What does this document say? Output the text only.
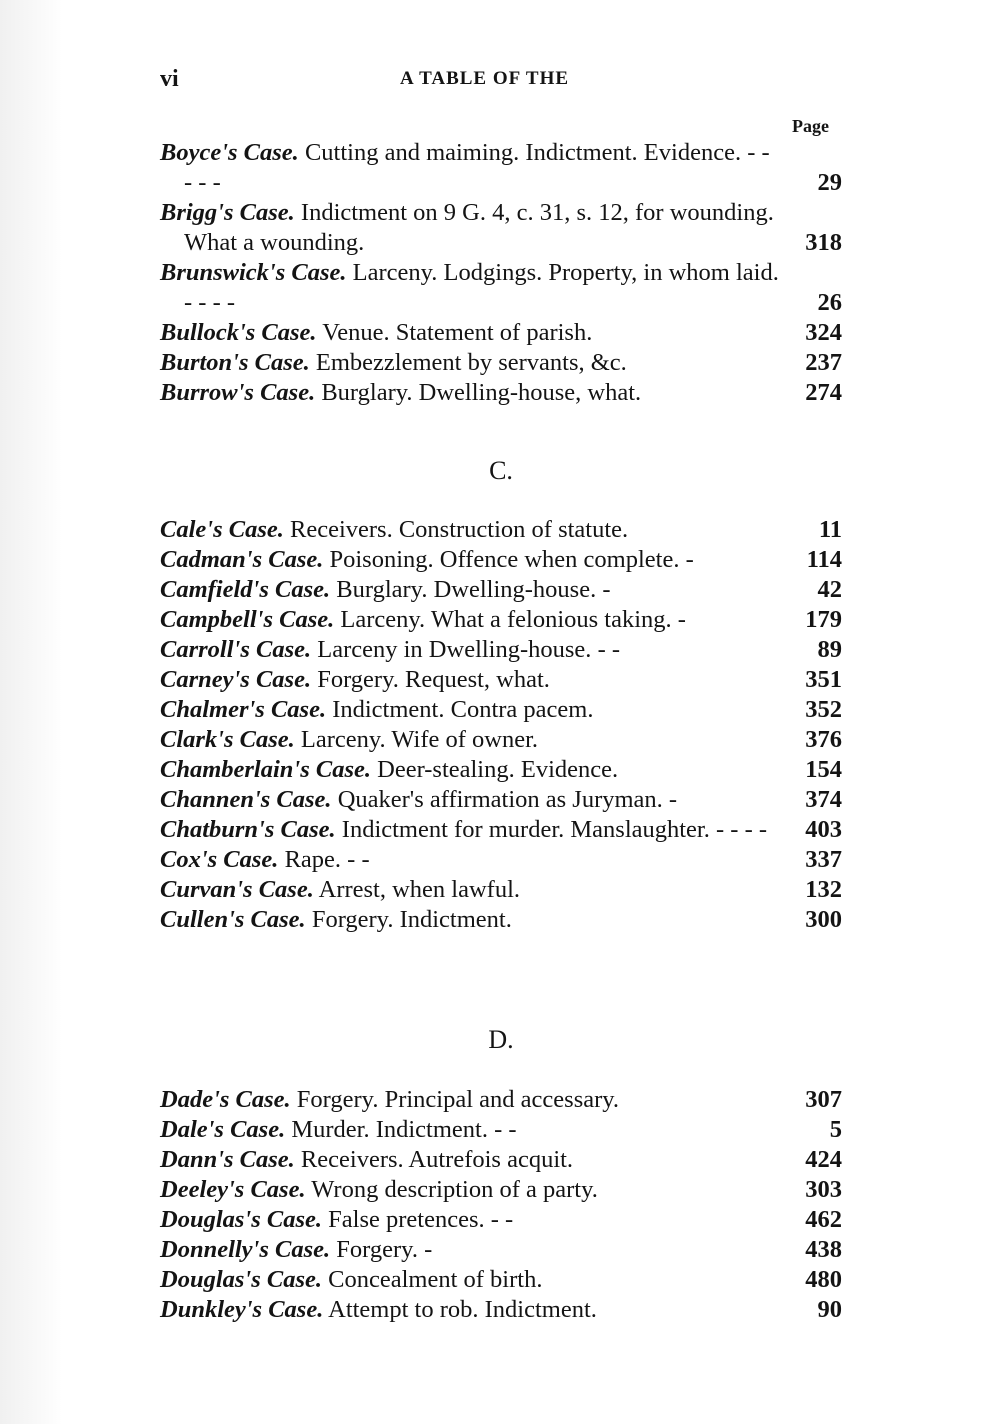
vi	A TABLE OF THE
Page
Boyce's Case. Cutting and maiming. Indictment. Evidence. - - - - -	29
Brigg's Case. Indictment on 9 G. 4, c. 31, s. 12, for wounding. What a wounding.	318
Brunswick's Case. Larceny. Lodgings. Property, in whom laid. - - - -	26
Bullock's Case. Venue. Statement of parish.	324
Burton's Case. Embezzlement by servants, &c.	237
Burrow's Case. Burglary. Dwelling-house, what.	274
C.
Cale's Case. Receivers. Construction of statute.	11
Cadman's Case. Poisoning. Offence when complete. -	114
Camfield's Case. Burglary. Dwelling-house. -	42
Campbell's Case. Larceny. What a felonious taking. -	179
Carroll's Case. Larceny in Dwelling-house. - -	89
Carney's Case. Forgery. Request, what.	351
Chalmer's Case. Indictment. Contra pacem.	352
Clark's Case. Larceny. Wife of owner.	376
Chamberlain's Case. Deer-stealing. Evidence.	154
Channen's Case. Quaker's affirmation as Juryman. -	374
Chatburn's Case. Indictment for murder. Manslaughter. - - - -	403
Cox's Case. Rape. - -	337
Curvan's Case. Arrest, when lawful.	132
Cullen's Case. Forgery. Indictment.	300
D.
Dade's Case. Forgery. Principal and accessary.	307
Dale's Case. Murder. Indictment. - -	5
Dann's Case. Receivers. Autrefois acquit.	424
Deeley's Case. Wrong description of a party.	303
Douglas's Case. False pretences. - -	462
Donnelly's Case. Forgery. -	438
Douglas's Case. Concealment of birth.	480
Dunkley's Case. Attempt to rob. Indictment.	90
